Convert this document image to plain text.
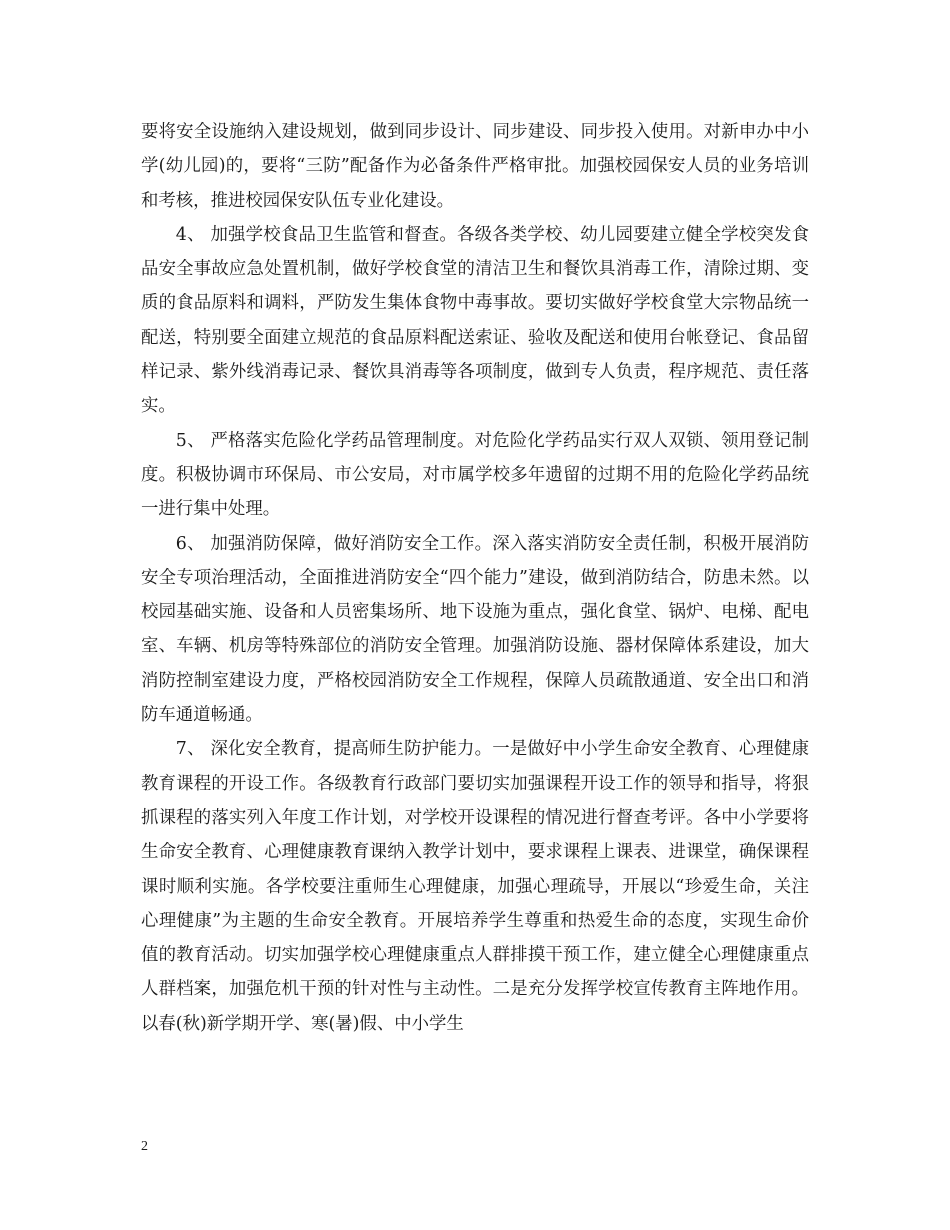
要将安全设施纳入建设规划，做到同步设计、同步建设、同步投入使用。对新申办中小学(幼儿园)的，要将“三防”配备作为必备条件严格审批。加强校园保安人员的业务培训和考核，推进校园保安队伍专业化建设。

4、 加强学校食品卫生监管和督查。各级各类学校、幼儿园要建立健全学校突发食品安全事故应急处置机制，做好学校食堂的清洁卫生和餐饮具消毒工作，清除过期、变质的食品原料和调料，严防发生集体食物中毒事故。要切实做好学校食堂大宗物品统一配送，特别要全面建立规范的食品原料配送索证、验收及配送和使用台帐登记、食品留样记录、紫外线消毒记录、餐饮具消毒等各项制度，做到专人负责，程序规范、责任落实。

5、 严格落实危险化学药品管理制度。对危险化学药品实行双人双锁、领用登记制度。积极协调市环保局、市公安局，对市属学校多年遗留的过期不用的危险化学药品统一进行集中处理。

6、 加强消防保障，做好消防安全工作。深入落实消防安全责任制，积极开展消防安全专项治理活动，全面推进消防安全“四个能力”建设，做到消防结合，防患未然。以校园基础实施、设备和人员密集场所、地下设施为重点，强化食堂、锅炉、电梯、配电室、车辆、机房等特殊部位的消防安全管理。加强消防设施、器材保障体系建设，加大消防控制室建设力度，严格校园消防安全工作规程，保障人员疏散通道、安全出口和消防车通道畅通。

7、 深化安全教育，提高师生防护能力。一是做好中小学生命安全教育、心理健康教育课程的开设工作。各级教育行政部门要切实加强课程开设工作的领导和指导，将狠抓课程的落实列入年度工作计划，对学校开设课程的情况进行督查考评。各中小学要将生命安全教育、心理健康教育课纳入教学计划中，要求课程上课表、进课堂，确保课程课时顺利实施。各学校要注重师生心理健康，加强心理疏导，开展以“珍爱生命，关注心理健康”为主题的生命安全教育。开展培养学生尊重和热爱生命的态度，实现生命价值的教育活动。切实加强学校心理健康重点人群排摸干预工作，建立健全心理健康重点人群档案，加强危机干预的针对性与主动性。二是充分发挥学校宣传教育主阵地作用。以春(秋)新学期开学、寒(暑)假、中小学生

2
